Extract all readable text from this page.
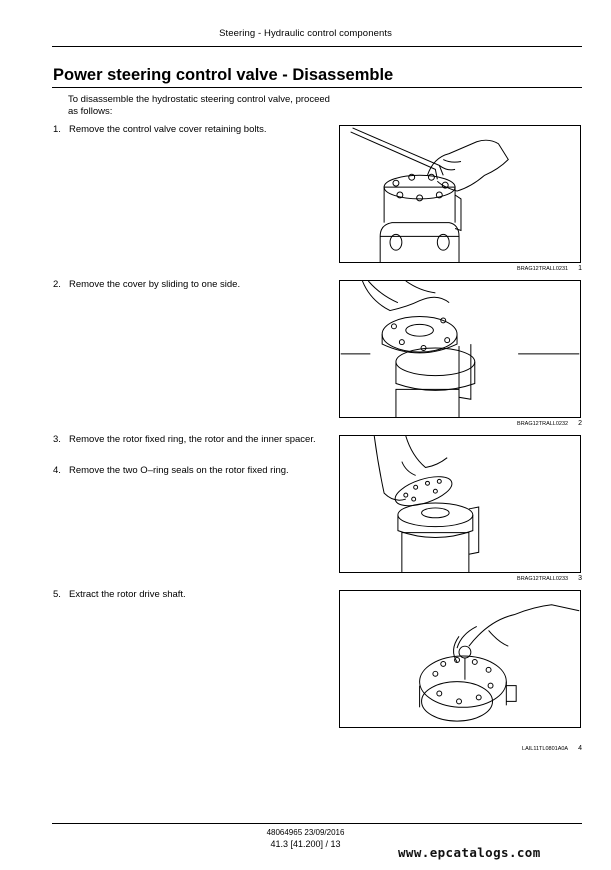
Steering - Hydraulic control components
Power steering control valve - Disassemble
To disassemble the hydrostatic steering control valve, proceed as follows:
1. Remove the control valve cover retaining bolts.
2. Remove the cover by sliding to one side.
3. Remove the rotor fixed ring, the rotor and the inner spacer.
4. Remove the two O–ring seals on the rotor fixed ring.
5. Extract the rotor drive shaft.
BRAG12TRALL0231 1
BRAG12TRALL0232 2
BRAG12TRALL0233 3
LAIL11TL0801A0A 4
48064965 23/09/2016
41.3 [41.200] / 13
www.epcatalogs.com
